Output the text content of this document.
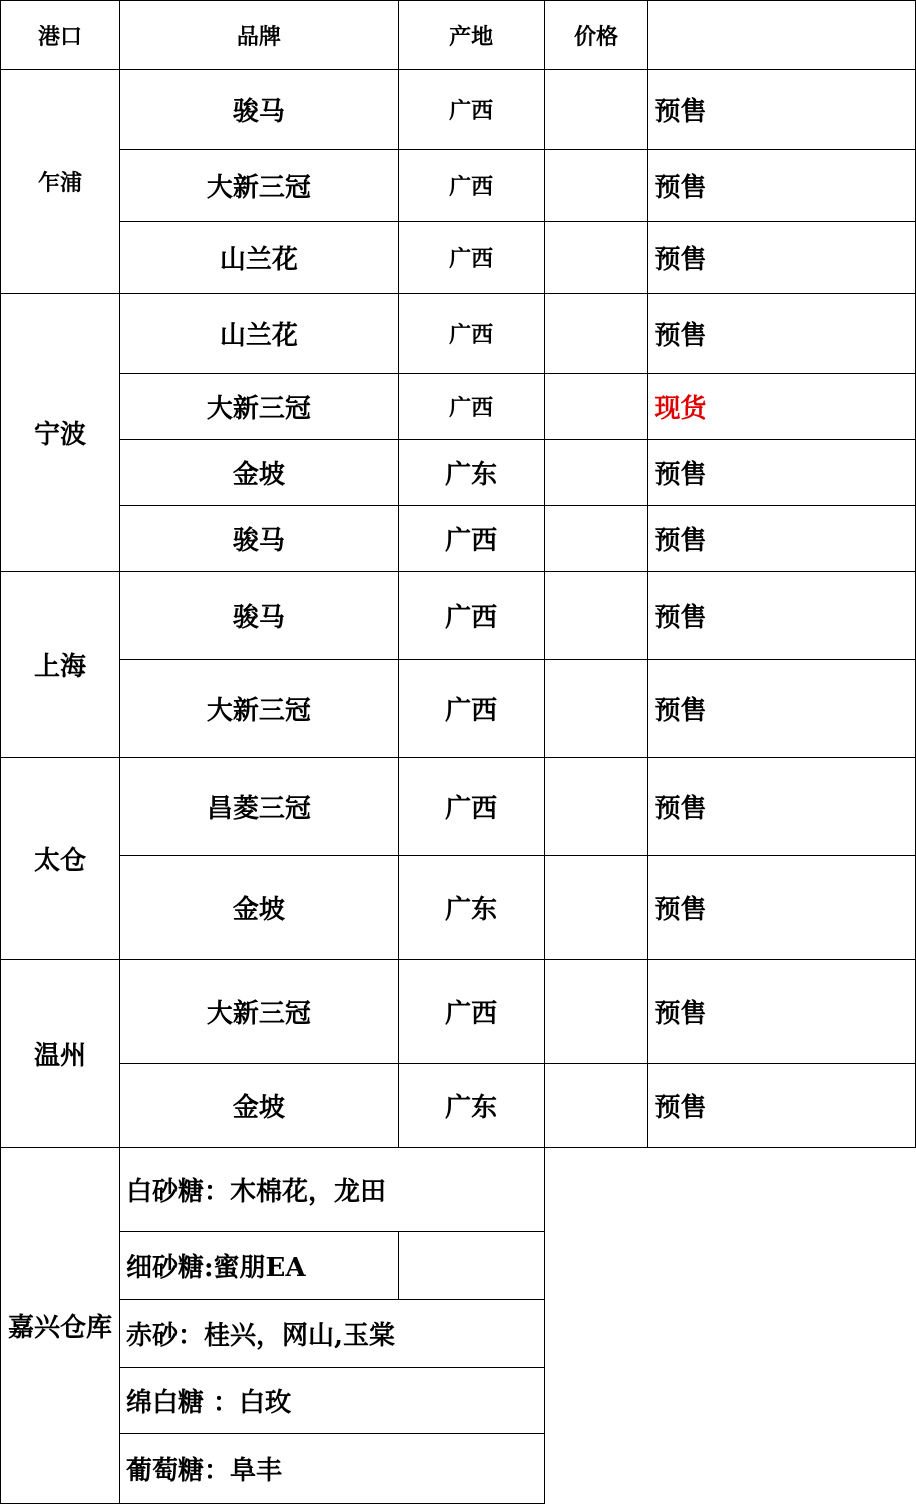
港口	品牌	产地	价格	
乍浦	骏马	广西		预售
	大新三冠	广西		预售
	山兰花	广西		预售
宁波	山兰花	广西		预售
	大新三冠	广西		现货
	金坡	广东		预售
	骏马	广西		预售
上海	骏马	广西		预售
	大新三冠	广西		预售
太仓	昌菱三冠	广西		预售
	金坡	广东		预售
温州	大新三冠	广西		预售
	金坡	广东		预售
嘉兴仓库	白砂糖：木棉花，龙田			
	细砂糖:蜜朋EA			
	赤砂：桂兴，网山,玉棠			
	绵白糖 ：白玫			
	葡萄糖：阜丰			
